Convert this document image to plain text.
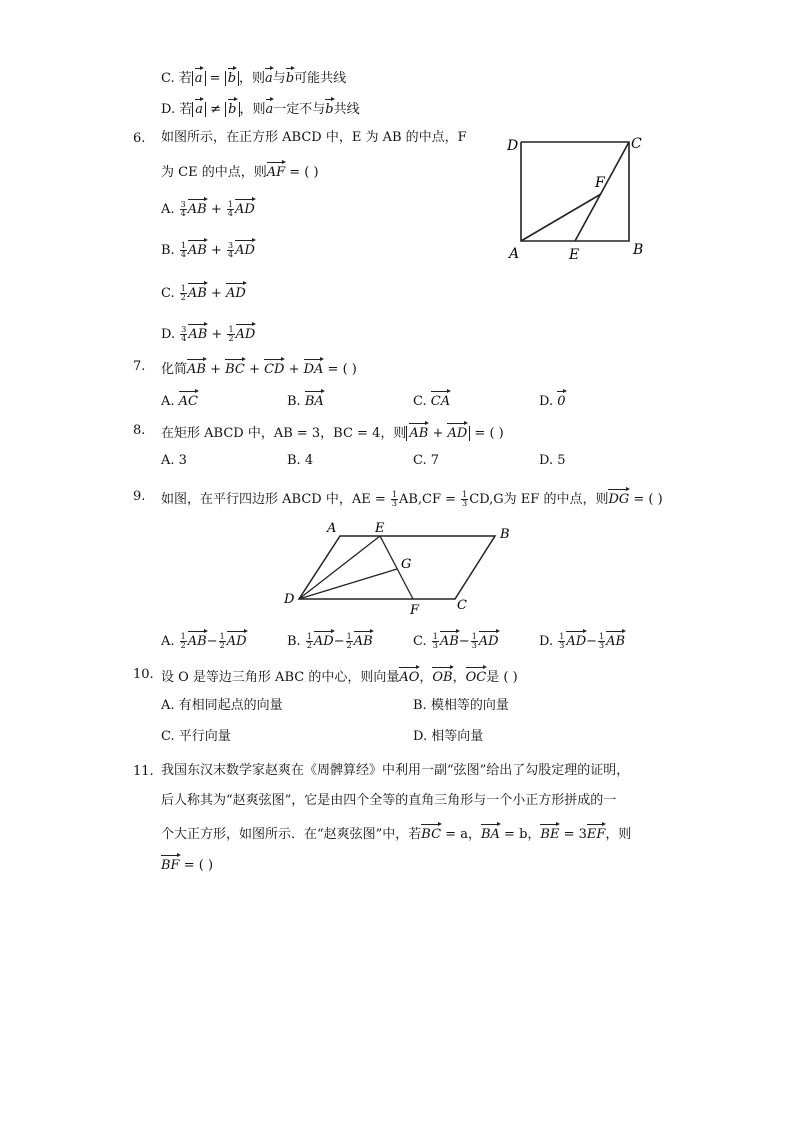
C. 若 a = b ，则a与b可能共线
D. 若 a ≠ b ，则a一定不与b共线
6. 如图所示，在正方形 ABCD 中，E 为 AB 的中点，F
为 CE 的中点，则AF = ( )
A. $\frac{3}{4}$ AB + $\frac{1}{4}$ AD
B. $\frac{1}{4}$ AB + $\frac{3}{4}$ AD
C. $\frac{1}{2}$ AB + AD
D. $\frac{3}{4}$ AB + $\frac{1}{2}$ AD
D	C
F
A	E	B
7. 化简AB + BC + CD + DA = ( )
A. AC	B. BA	C. CA	D. 0
8. 在矩形 ABCD 中，AB = 3，BC = 4，则 AB + AD = ( )
A. 3	B. 4	C. 7	D. 5
9. 如图，在平行四边形 ABCD 中，AE = $\frac{1}{3} AB,CF = \frac{1}{3} CD,G$为 EF 的中点，则DG = ( )
A	E	B
G
D
F	C
A. $\frac{1}{2} AB- \frac{1}{2}$ AD	B. $\frac{1}{2} AD- \frac{1}{2}$ AB	C. $\frac{1}{3} AB- \frac{1}{3}$ AD	D. $\frac{1}{3} AD- \frac{1}{3}$ AB
10. 设 O 是等边三角形 ABC 的中心，则向量AO，OB，OC是 ( )
A. 有相同起点的向量	B. 模相等的向量
C. 平行向量	D. 相等向量
11. 我国东汉末数学家赵爽在《周髀算经》中利用一副“弦图”给出了勾股定理的证明，
后人称其为“赵爽弦图”，它是由四个全等的直角三角形与一个小正方形拼成的一
个大正方形，如图所示．在“赵爽弦图”中，若BC = a，BA = b，BE = 3EF，则
BF = ( )
